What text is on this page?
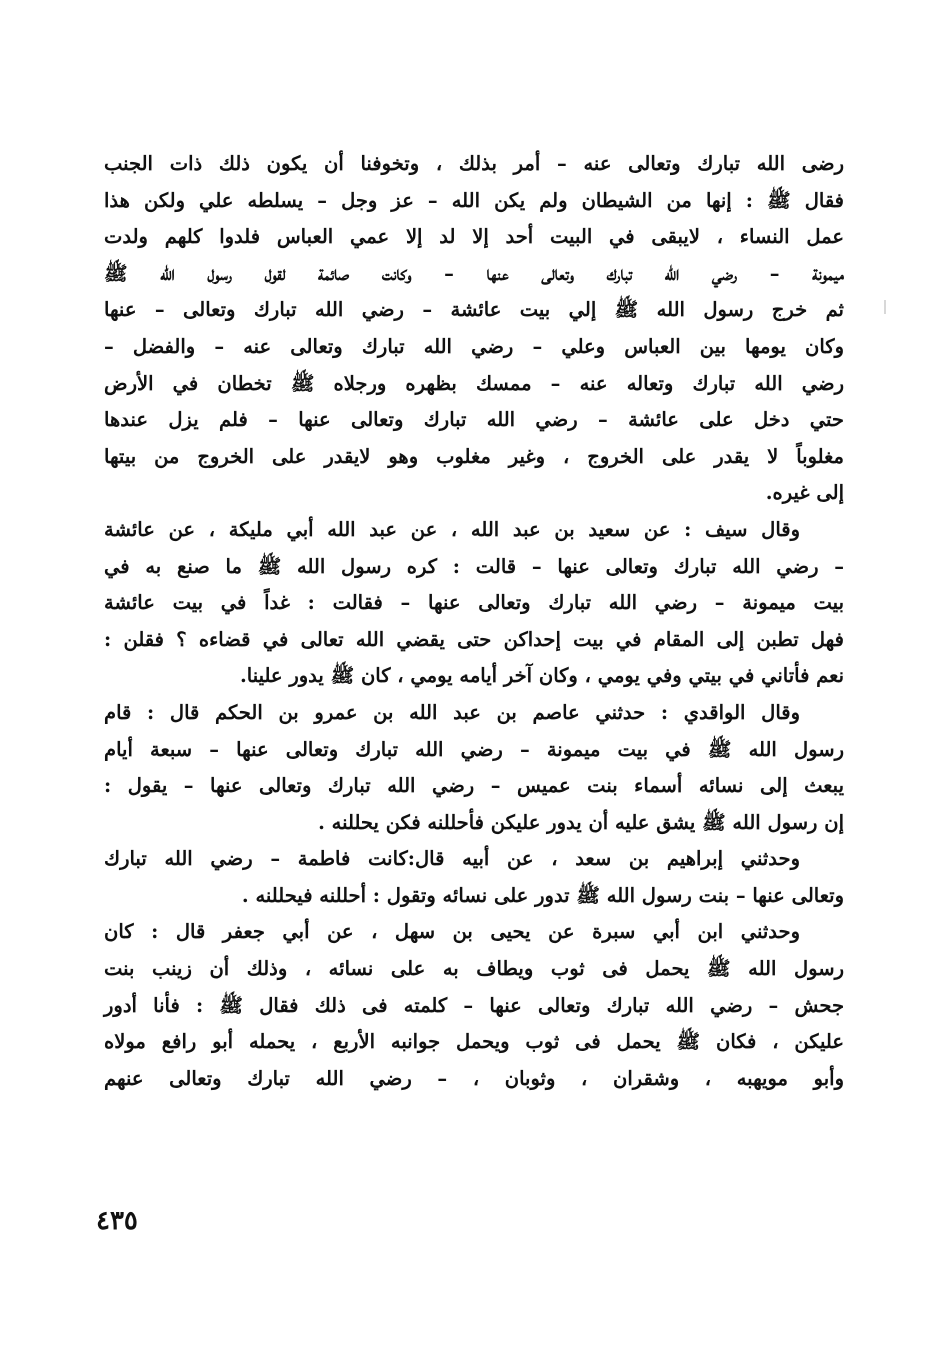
رضى الله تبارك وتعالى عنه – أمر بذلك ، وتخوفنا أن يكون ذلك ذات الجنب
فقال ﷺ : إنها من الشيطان ولم يكن الله – عز وجل – يسلطه علي ولكن هذا
عمل النساء ، لايبقى في البيت أحد إلا لد إلا عمي العباس فلدوا كلهم ولدت
ميمونة – رضي الله تبارك وتعالى عنها – وكانت صائمة لقول رسول الله ﷺ
ثم خرج رسول الله ﷺ إلي بيت عائشة – رضي الله تبارك وتعالى – عنها
وكان يومها بين العباس وعلي – رضي الله تبارك وتعالى عنه – والفضل –
رضي الله تبارك وتعاله عنه – ممسك بظهره ورجلاه ﷺ تخطان في الأرض
حتي دخل على عائشة – رضي الله تبارك وتعالى عنها – فلم يزل عندها
مغلوباً لا يقدر على الخروج ، وغير مغلوب وهو لايقدر على الخروج من بيتها
إلى غيره.
وقال سيف : عن سعيد بن عبد الله ، عن عبد الله أبي مليكة ، عن عائشة
– رضي الله تبارك وتعالى عنها – قالت : كره رسول الله ﷺ ما صنع به في
بيت ميمونة – رضي الله تبارك وتعالى عنها – فقالت : غداً في بيت عائشة
فهل تطبن إلى المقام في بيت إحداكن حتى يقضي الله تعالى في قضاءه ؟ فقلن :
نعم فأتاني في بيتي وفي يومي ، وكان آخر أيامه يومي ، كان ﷺ يدور علينا.
وقال الواقدي : حدثني عاصم بن عبد الله بن عمرو بن الحكم قال : قام
رسول الله ﷺ في بيت ميمونة – رضي الله تبارك وتعالى عنها – سبعة أيام
يبعث إلى نسائه أسماء بنت عميس – رضي الله تبارك وتعالى عنها – يقول :
إن رسول الله ﷺ يشق عليه أن يدور عليكن فأحللنه فكن يحللنه .
وحدثني إبراهيم بن سعد ، عن أبيه قال:كانت فاطمة – رضي الله تبارك
وتعالى عنها – بنت رسول الله ﷺ تدور على نسائه وتقول : أحللنه فيحللنه .
وحدثني ابن أبي سبرة عن يحيى بن سهل ، عن أبي جعفر قال : كان
رسول الله ﷺ يحمل فى ثوب ويطاف به على نسائه ، وذلك أن زينب بنت
جحش – رضي الله تبارك وتعالى عنها – كلمته فى ذلك فقال ﷺ : فأنا أدور
عليكن ، فكان ﷺ يحمل فى ثوب ويحمل جوانبه الأربع ، يحمله أبو رافع مولاه
وأبو مويهبه ، وشقران ، وثوبان ، – رضي الله تبارك وتعالى عنهم
٤٣٥
